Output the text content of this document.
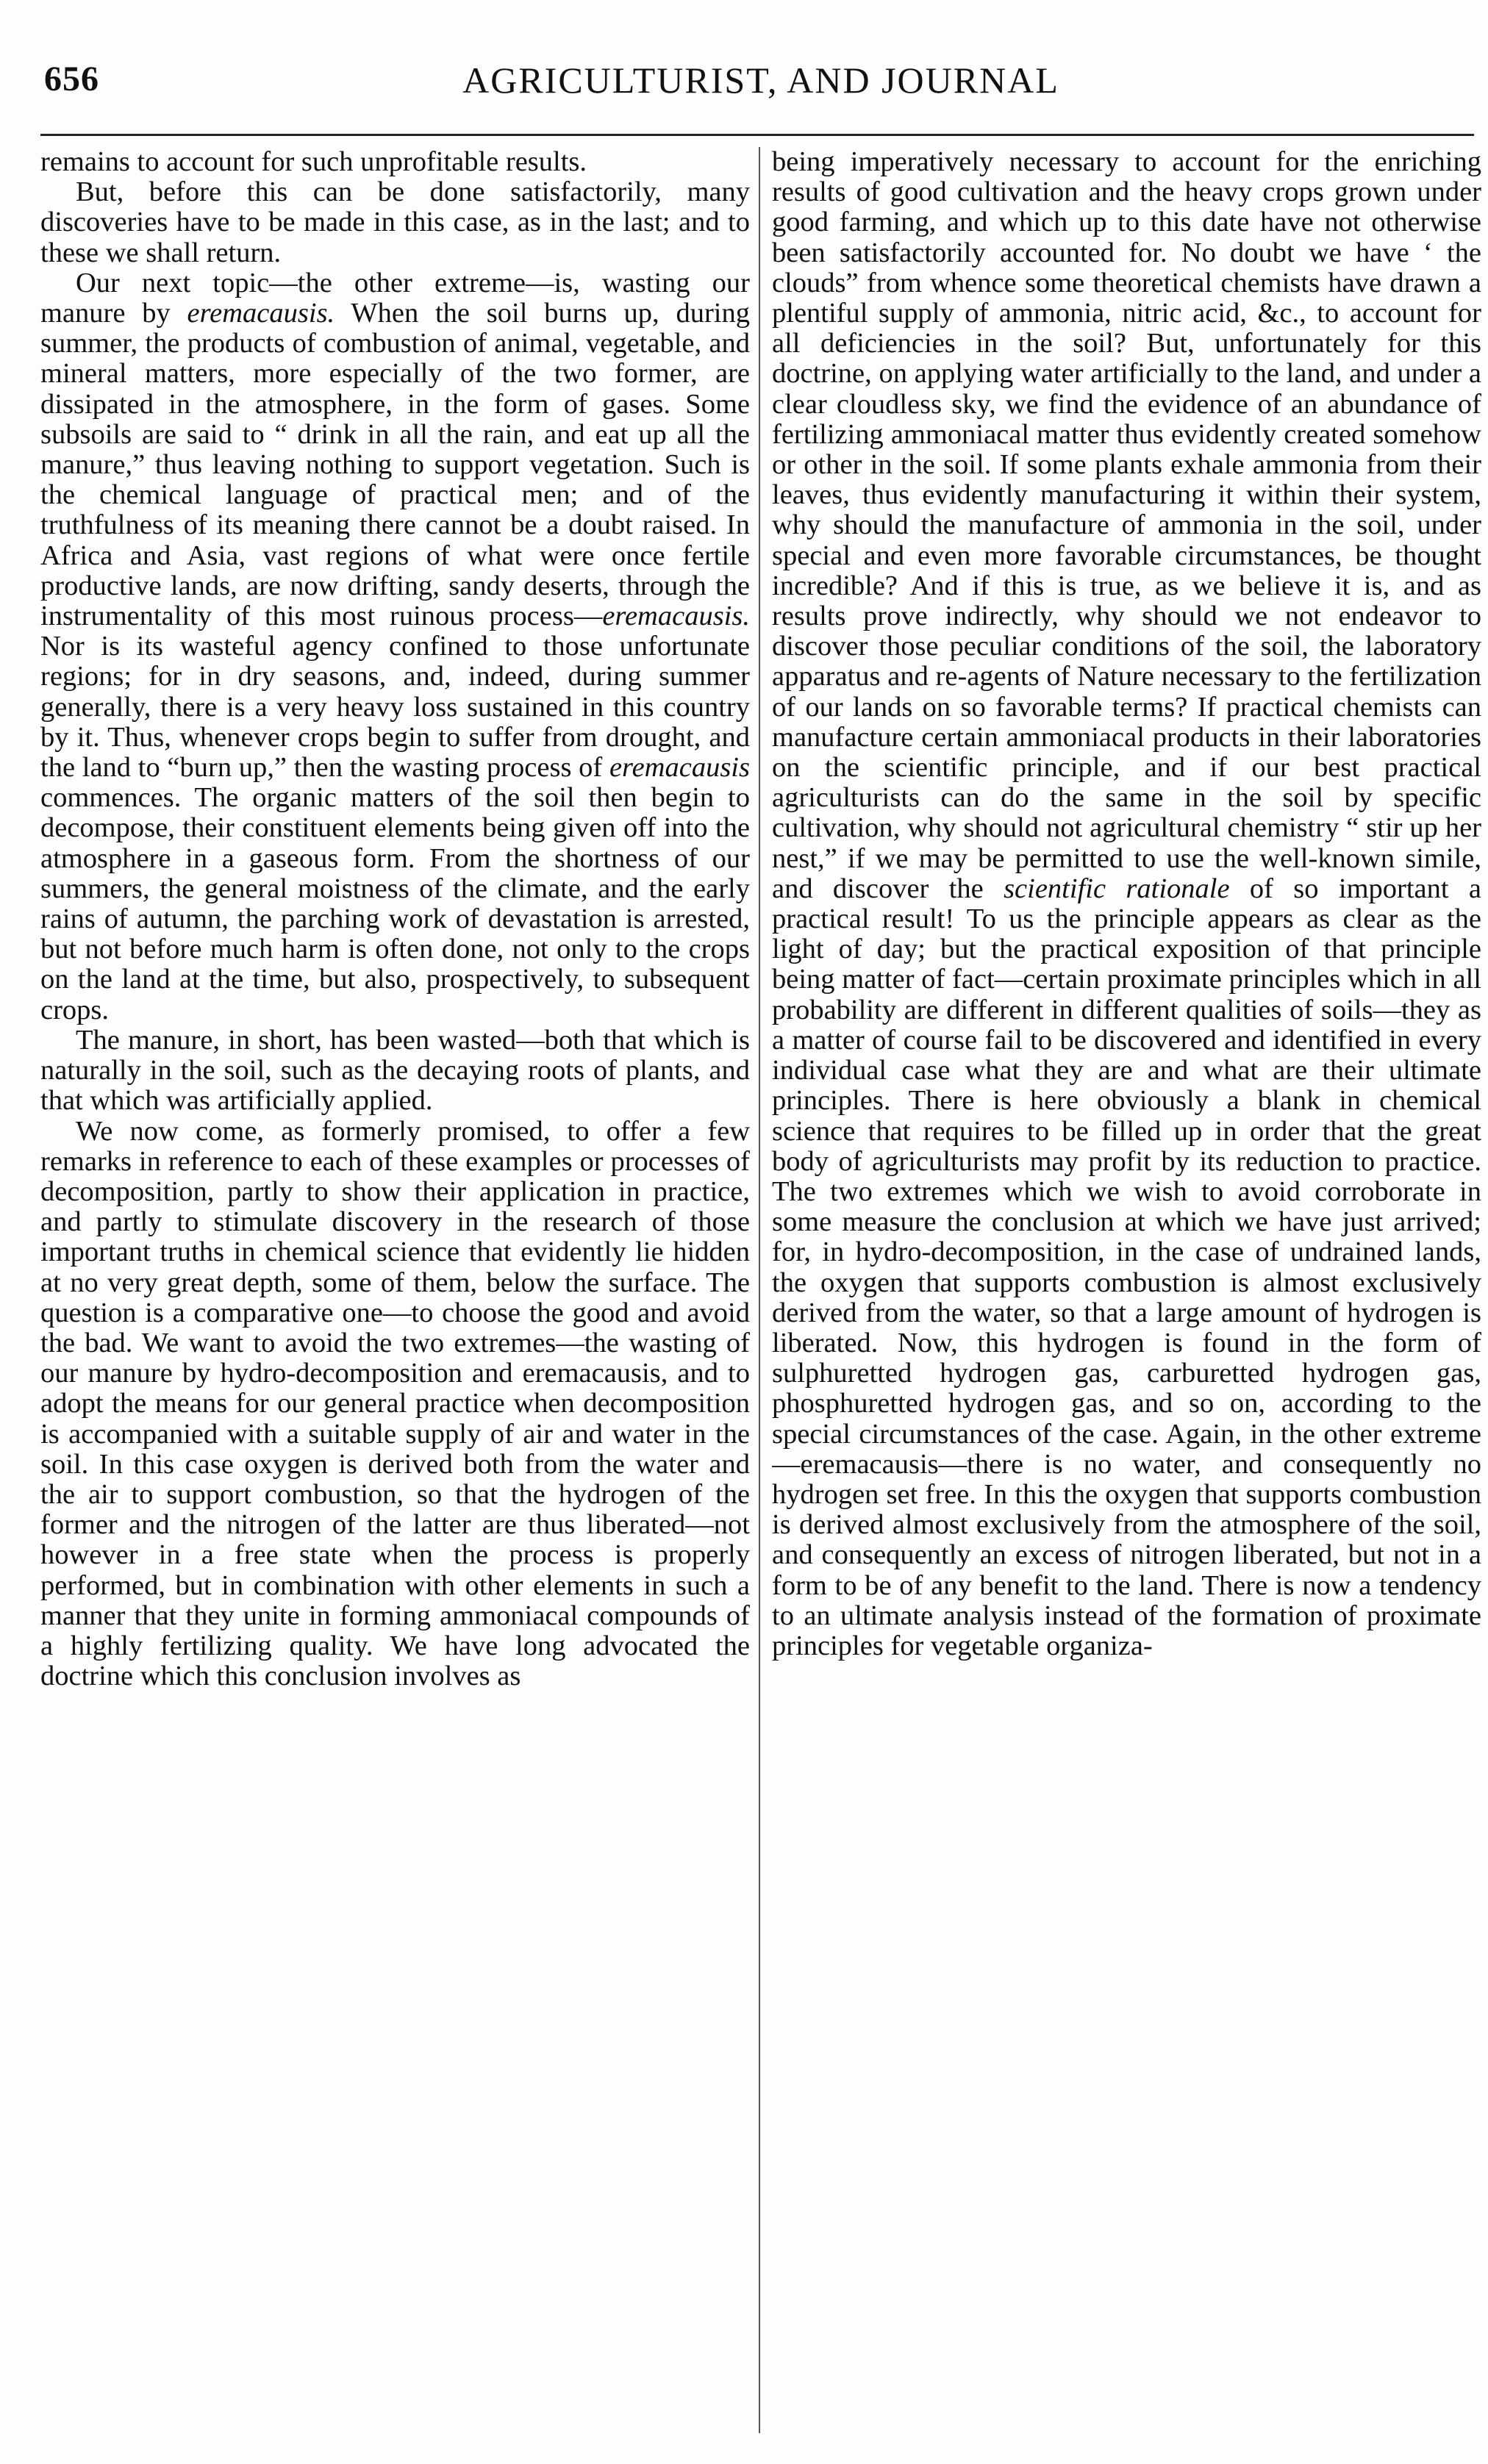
656	AGRICULTURIST, AND JOURNAL

remains to account for such unprofitable results.

But, before this can be done satisfactorily, many discoveries have to be made in this case, as in the last; and to these we shall return.

Our next topic—the other extreme—is, wasting our manure by eremacausis. When the soil burns up, during summer, the products of combustion of animal, vegetable, and mineral matters, more especially of the two former, are dissipated in the atmosphere, in the form of gases. Some subsoils are said to “ drink in all the rain, and eat up all the manure,” thus leaving nothing to support vegetation. Such is the chemical language of practical men; and of the truthfulness of its meaning there cannot be a doubt raised. In Africa and Asia, vast regions of what were once fertile productive lands, are now drifting, sandy deserts, through the instrumentality of this most ruinous process—eremacausis. Nor is its wasteful agency confined to those unfortunate regions; for in dry seasons, and, indeed, during summer generally, there is a very heavy loss sustained in this country by it. Thus, whenever crops begin to suffer from drought, and the land to “burn up,” then the wasting process of eremacausis commences. The organic matters of the soil then begin to decompose, their constituent elements being given off into the atmosphere in a gaseous form. From the shortness of our summers, the general moistness of the climate, and the early rains of autumn, the parching work of devastation is arrested, but not before much harm is often done, not only to the crops on the land at the time, but also, prospectively, to subsequent crops.

The manure, in short, has been wasted—both that which is naturally in the soil, such as the decaying roots of plants, and that which was artificially applied.

We now come, as formerly promised, to offer a few remarks in reference to each of these examples or processes of decomposition, partly to show their application in practice, and partly to stimulate discovery in the research of those important truths in chemical science that evidently lie hidden at no very great depth, some of them, below the surface. The question is a comparative one—to choose the good and avoid the bad. We want to avoid the two extremes—the wasting of our manure by hydro-decomposition and eremacausis, and to adopt the means for our general practice when decomposition is accompanied with a suitable supply of air and water in the soil. In this case oxygen is derived both from the water and the air to support combustion, so that the hydrogen of the former and the nitrogen of the latter are thus liberated—not however in a free state when the process is properly performed, but in combination with other elements in such a manner that they unite in forming ammoniacal compounds of a highly fertilizing quality. We have long advocated the doctrine which this conclusion involves as

being imperatively necessary to account for the enriching results of good cultivation and the heavy crops grown under good farming, and which up to this date have not otherwise been satisfactorily accounted for. No doubt we have ‘ the clouds” from whence some theoretical chemists have drawn a plentiful supply of ammonia, nitric acid, &c., to account for all deficiencies in the soil? But, unfortunately for this doctrine, on applying water artificially to the land, and under a clear cloudless sky, we find the evidence of an abundance of fertilizing ammoniacal matter thus evidently created somehow or other in the soil. If some plants exhale ammonia from their leaves, thus evidently manufacturing it within their system, why should the manufacture of ammonia in the soil, under special and even more favorable circumstances, be thought incredible? And if this is true, as we believe it is, and as results prove indirectly, why should we not endeavor to discover those peculiar conditions of the soil, the laboratory apparatus and re-agents of Nature necessary to the fertilization of our lands on so favorable terms? If practical chemists can manufacture certain ammoniacal products in their laboratories on the scientific principle, and if our best practical agriculturists can do the same in the soil by specific cultivation, why should not agricultural chemistry “ stir up her nest,” if we may be permitted to use the well-known simile, and discover the scientific rationale of so important a practical result! To us the principle appears as clear as the light of day; but the practical exposition of that principle being matter of fact—certain proximate principles which in all probability are different in different qualities of soils—they as a matter of course fail to be discovered and identified in every individual case what they are and what are their ultimate principles. There is here obviously a blank in chemical science that requires to be filled up in order that the great body of agriculturists may profit by its reduction to practice. The two extremes which we wish to avoid corroborate in some measure the conclusion at which we have just arrived; for, in hydro-decomposition, in the case of undrained lands, the oxygen that supports combustion is almost exclusively derived from the water, so that a large amount of hydrogen is liberated. Now, this hydrogen is found in the form of sulphuretted hydrogen gas, carburetted hydrogen gas, phosphuretted hydrogen gas, and so on, according to the special circumstances of the case. Again, in the other extreme—eremacausis—there is no water, and consequently no hydrogen set free. In this the oxygen that supports combustion is derived almost exclusively from the atmosphere of the soil, and consequently an excess of nitrogen liberated, but not in a form to be of any benefit to the land. There is now a tendency to an ultimate analysis instead of the formation of proximate principles for vegetable organiza-
